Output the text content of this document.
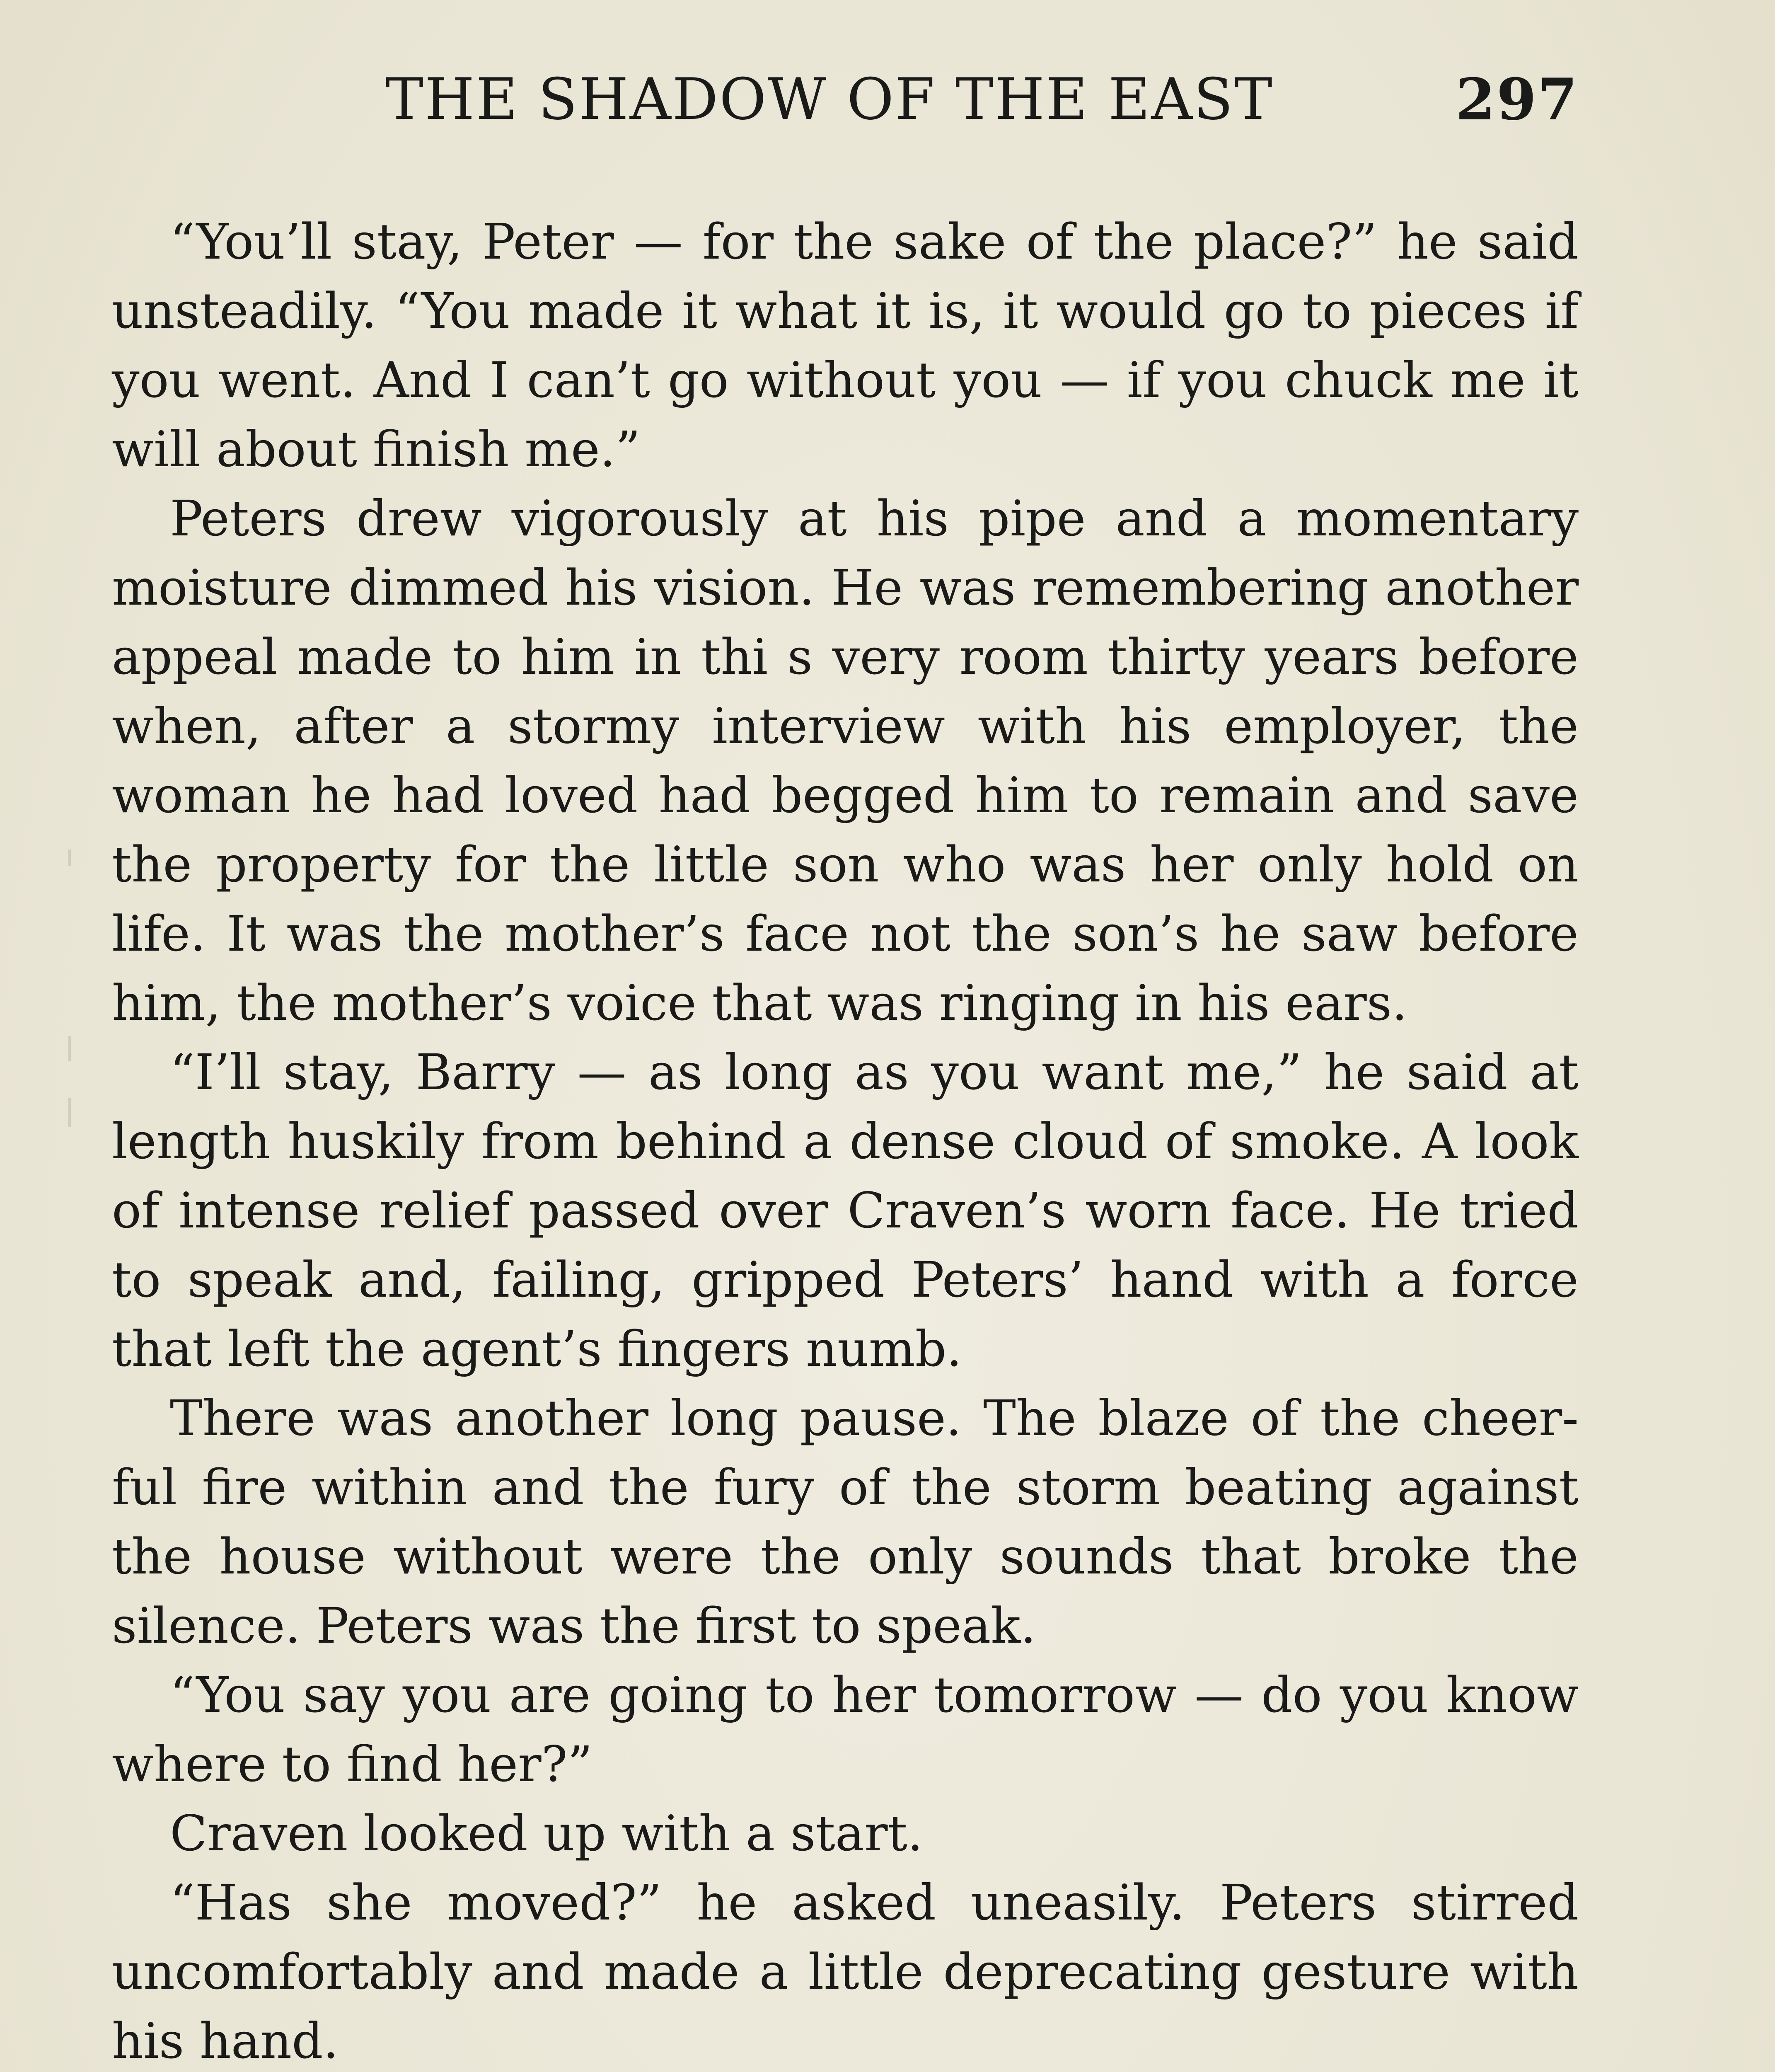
THE SHADOW OF THE EAST	297

“You’ll stay, Peter — for the sake of the place?” he said unsteadily. “You made it what it is, it would go to pieces if you went. And I can’t go without you — if you chuck me it will about finish me.”

Peters drew vigorously at his pipe and a momentary moisture dimmed his vision. He was remembering another appeal made to him in thi s very room thirty years before when, after a stormy interview with his employer, the woman he had loved had begged him to remain and save the property for the little son who was her only hold on life. It was the mother’s face not the son’s he saw before him, the mother’s voice that was ringing in his ears.

“I’ll stay, Barry — as long as you want me,” he said at length huskily from behind a dense cloud of smoke. A look of intense relief passed over Craven’s worn face. He tried to speak and, failing, gripped Peters’ hand with a force that left the agent’s fingers numb.

There was another long pause. The blaze of the cheer-ful fire within and the fury of the storm beating against the house without were the only sounds that broke the silence. Peters was the first to speak.

“You say you are going to her tomorrow — do you know where to find her?”

Craven looked up with a start.

“Has she moved?” he asked uneasily. Peters stirred uncomfortably and made a little deprecating gesture with his hand.
